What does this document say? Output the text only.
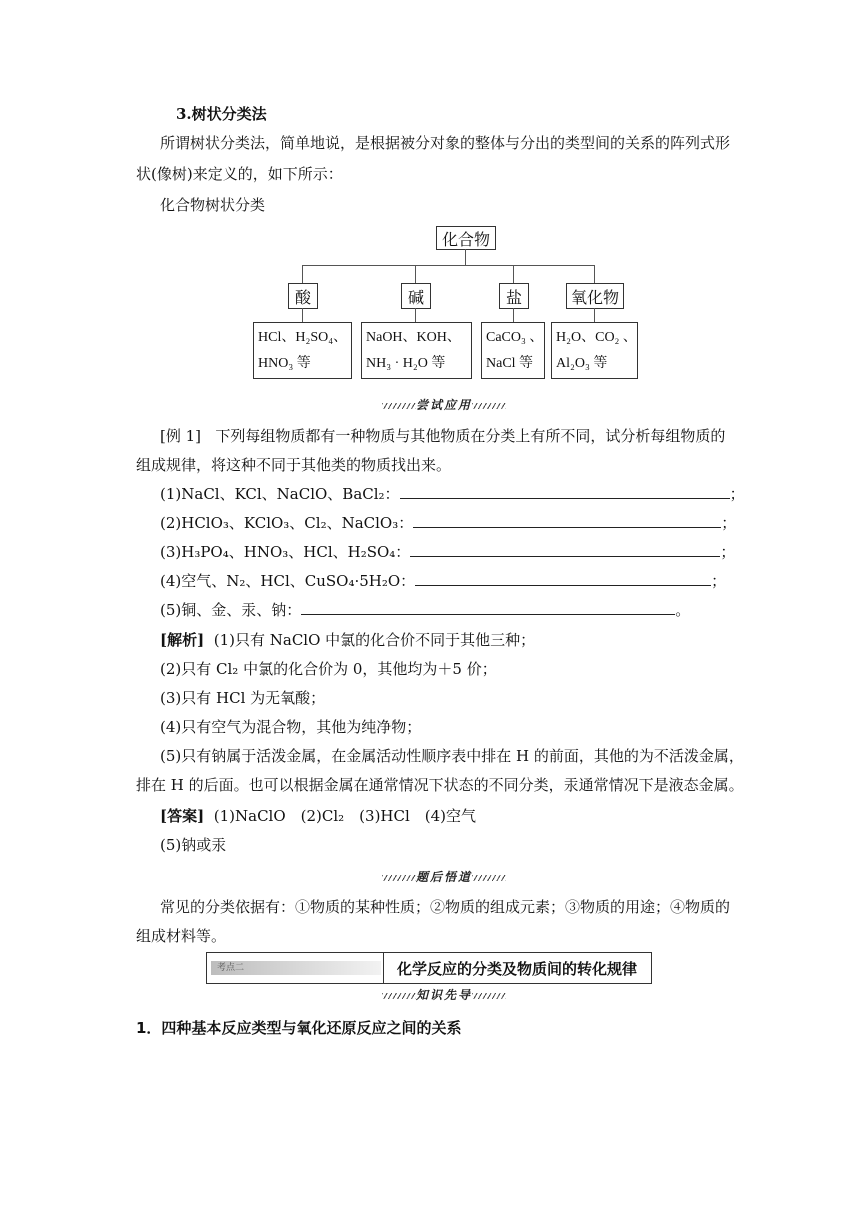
3.树状分类法
所谓树状分类法，简单地说，是根据被分对象的整体与分出的类型间的关系的阵列式形
状(像树)来定义的，如下所示：
化合物树状分类
化合物
酸	碱	盐	氧化物
HCl、H₂SO₄、
HNO₃ 等
NaOH、KOH、
NH₃ · H₂O 等
CaCO₃ 、
NaCl 等
H₂O、CO₂ 、
Al₂O₃ 等
尝试应用
[例 1] 下列每组物质都有一种物质与其他物质在分类上有所不同，试分析每组物质的
组成规律，将这种不同于其他类的物质找出来。
(1)NaCl、KCl、NaClO、BaCl₂：	；
(2)HClO₃、KClO₃、Cl₂、NaClO₃：	；
(3)H₃PO₄、HNO₃、HCl、H₂SO₄：	；
(4)空气、N₂、HCl、CuSO₄·5H₂O：	；
(5)铜、金、汞、钠：	。
[解析] (1)只有 NaClO 中氯的化合价不同于其他三种；
(2)只有 Cl₂ 中氯的化合价为 0，其他均为＋5 价；
(3)只有 HCl 为无氧酸；
(4)只有空气为混合物，其他为纯净物；
(5)只有钠属于活泼金属，在金属活动性顺序表中排在 H 的前面，其他的为不活泼金属，
排在 H 的后面。也可以根据金属在通常情况下状态的不同分类，汞通常情况下是液态金属。
[答案] (1)NaClO　(2)Cl₂　(3)HCl　(4)空气
(5)钠或汞
题后悟道
常见的分类依据有：①物质的某种性质；②物质的组成元素；③物质的用途；④物质的
组成材料等。
考点二	化学反应的分类及物质间的转化规律
知识先导
1．四种基本反应类型与氧化还原反应之间的关系
